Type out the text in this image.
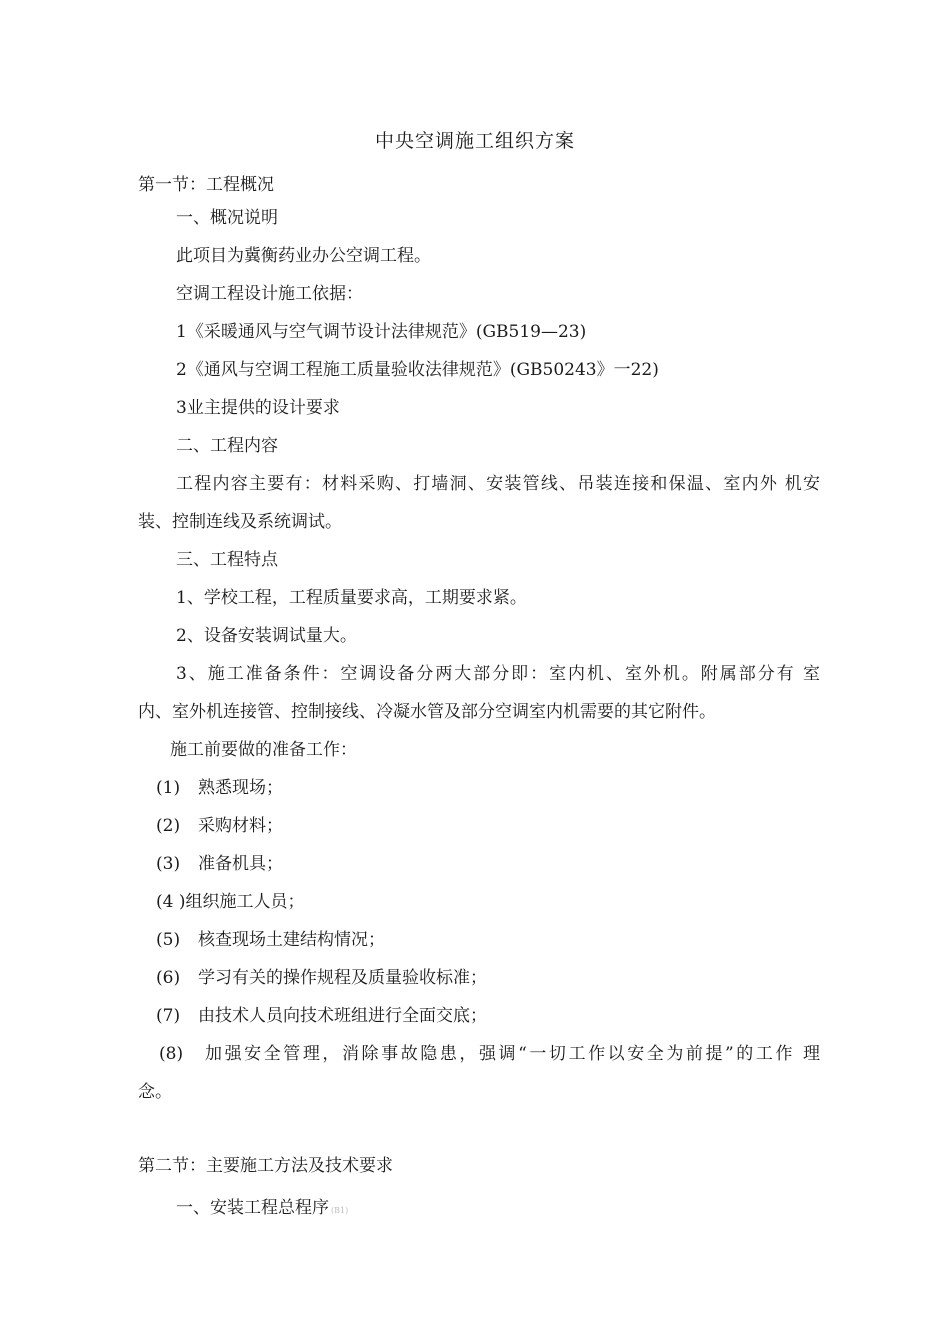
中央空调施工组织方案
第一节：工程概况
一、概况说明
此项目为冀衡药业办公空调工程。
空调工程设计施工依据：
1《采暖通风与空气调节设计法律规范》(GB519—23)
2《通风与空调工程施工质量验收法律规范》(GB50243》一22)
3业主提供的设计要求
二、工程内容
工程内容主要有：材料采购、打墙洞、安装管线、吊装连接和保温、室内外 机安
装、控制连线及系统调试。
三、工程特点
1、学校工程，工程质量要求高，工期要求紧。
2、设备安装调试量大。
3、施工准备条件：空调设备分两大部分即：室内机、室外机。附属部分有 室
内、室外机连接管、控制接线、冷凝水管及部分空调室内机需要的其它附件。
施工前要做的准备工作：
(1) 熟悉现场；
(2) 采购材料；
(3) 准备机具；
(4 )组织施工人员；
(5) 核查现场土建结构情况；
(6) 学习有关的操作规程及质量验收标准；
(7) 由技术人员向技术班组进行全面交底；
(8) 加强安全管理，消除事故隐患，强调“一切工作以安全为前提”的工作 理
念。
第二节：主要施工方法及技术要求
一、安装工程总程序 (B1)
